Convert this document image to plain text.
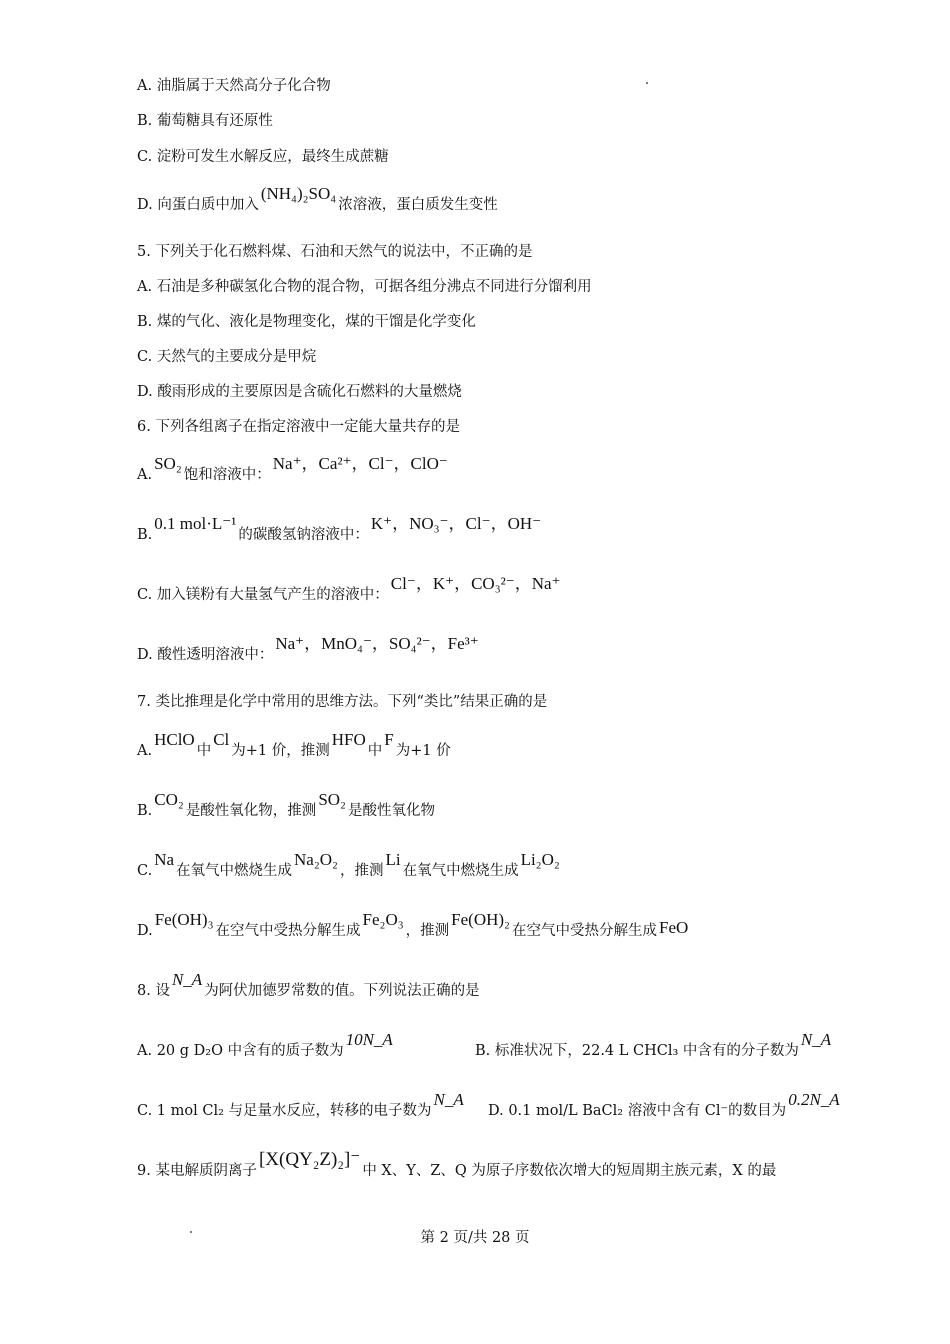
A. 油脂属于天然高分子化合物
B. 葡萄糖具有还原性
C. 淀粉可发生水解反应，最终生成蔗糖
D. 向蛋白质中加入(NH₄)₂SO₄浓溶液，蛋白质发生变性
5. 下列关于化石燃料煤、石油和天然气的说法中，不正确的是
A. 石油是多种碳氢化合物的混合物，可据各组分沸点不同进行分馏利用
B. 煤的气化、液化是物理变化，煤的干馏是化学变化
C. 天然气的主要成分是甲烷
D. 酸雨形成的主要原因是含硫化石燃料的大量燃烧
6. 下列各组离子在指定溶液中一定能大量共存的是
A.SO₂饱和溶液中：Na⁺，Ca²⁺，Cl⁻，ClO⁻
B.0.1 mol·L⁻¹的碳酸氢钠溶液中：K⁺，NO₃⁻，Cl⁻，OH⁻
C. 加入镁粉有大量氢气产生的溶液中：Cl⁻，K⁺，CO₃²⁻，Na⁺
D. 酸性透明溶液中：Na⁺，MnO₄⁻，SO₄²⁻，Fe³⁺
7. 类比推理是化学中常用的思维方法。下列“类比”结果正确的是
A.HClO中Cl为+1 价，推测HFO中F为+1 价
B.CO₂是酸性氧化物，推测SO₂是酸性氧化物
C.Na在氧气中燃烧生成Na₂O₂，推测Li在氧气中燃烧生成Li₂O₂
D.Fe(OH)₃在空气中受热分解生成Fe₂O₃，推测Fe(OH)₂在空气中受热分解生成 FeO
8. 设N_A为阿伏加德罗常数的值。下列说法正确的是
A. 20 g D₂O 中含有的质子数为10N_A
B. 标准状况下，22.4 L CHCl₃ 中含有的分子数为N_A
C. 1 mol Cl₂ 与足量水反应，转移的电子数为N_A
D. 0.1 mol/L BaCl₂ 溶液中含有 Cl⁻的数目为0.2N_A
9. 某电解质阴离子[X(QY₂Z)₂]⁻中 X、Y、Z、Q 为原子序数依次增大的短周期主族元素，X 的最
第 2 页/共 28 页
